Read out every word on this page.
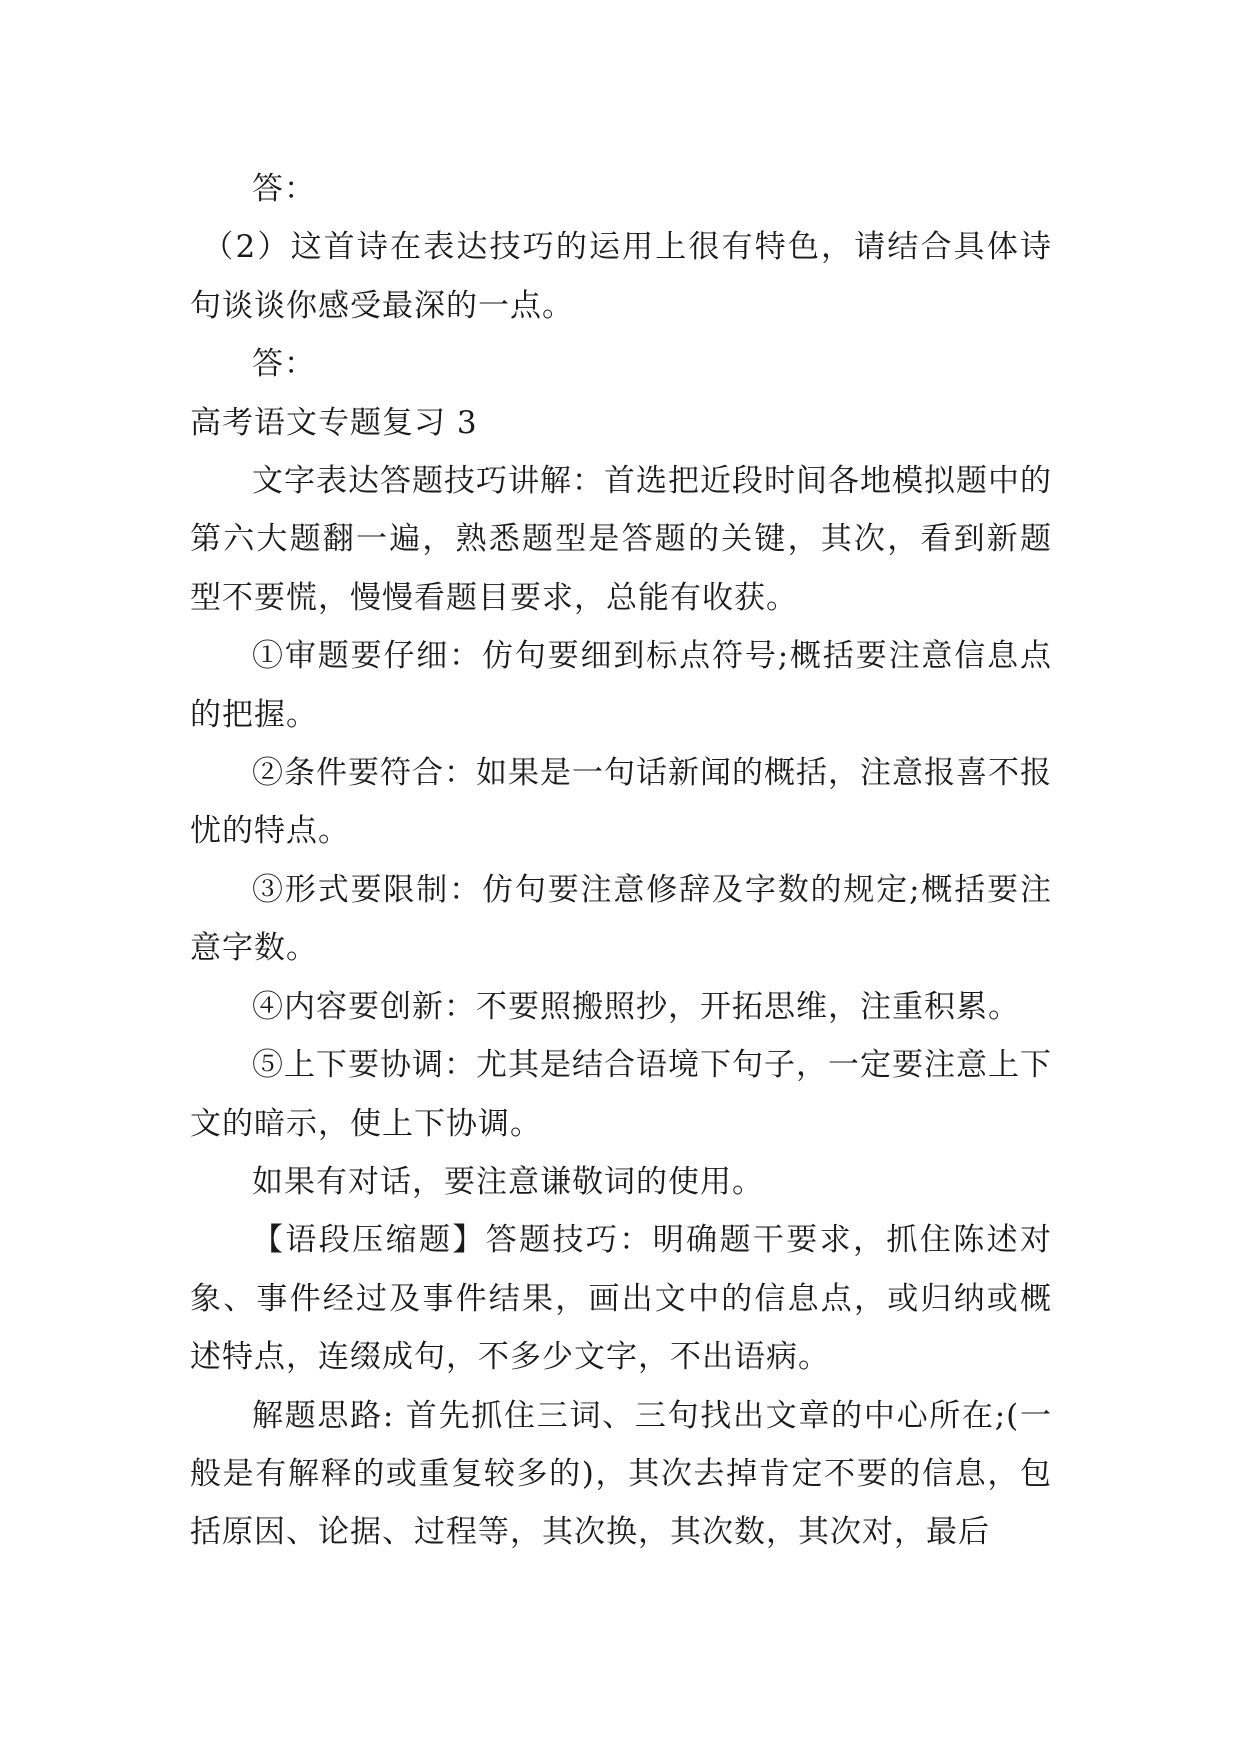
答：

（2）这首诗在表达技巧的运用上很有特色，请结合具体诗句谈谈你感受最深的一点。

答：

高考语文专题复习 3

文字表达答题技巧讲解：首选把近段时间各地模拟题中的第六大题翻一遍，熟悉题型是答题的关键，其次，看到新题型不要慌，慢慢看题目要求，总能有收获。

①审题要仔细：仿句要细到标点符号;概括要注意信息点的把握。

②条件要符合：如果是一句话新闻的概括，注意报喜不报忧的特点。

③形式要限制：仿句要注意修辞及字数的规定;概括要注意字数。

④内容要创新：不要照搬照抄，开拓思维，注重积累。

⑤上下要协调：尤其是结合语境下句子，一定要注意上下文的暗示，使上下协调。

如果有对话，要注意谦敬词的使用。

【语段压缩题】答题技巧：明确题干要求，抓住陈述对象、事件经过及事件结果，画出文中的信息点，或归纳或概述特点，连缀成句，不多少文字，不出语病。

解题思路: 首先抓住三词、三句找出文章的中心所在;(一般是有解释的或重复较多的)，其次去掉肯定不要的信息，包括原因、论据、过程等，其次换，其次数，其次对，最后
